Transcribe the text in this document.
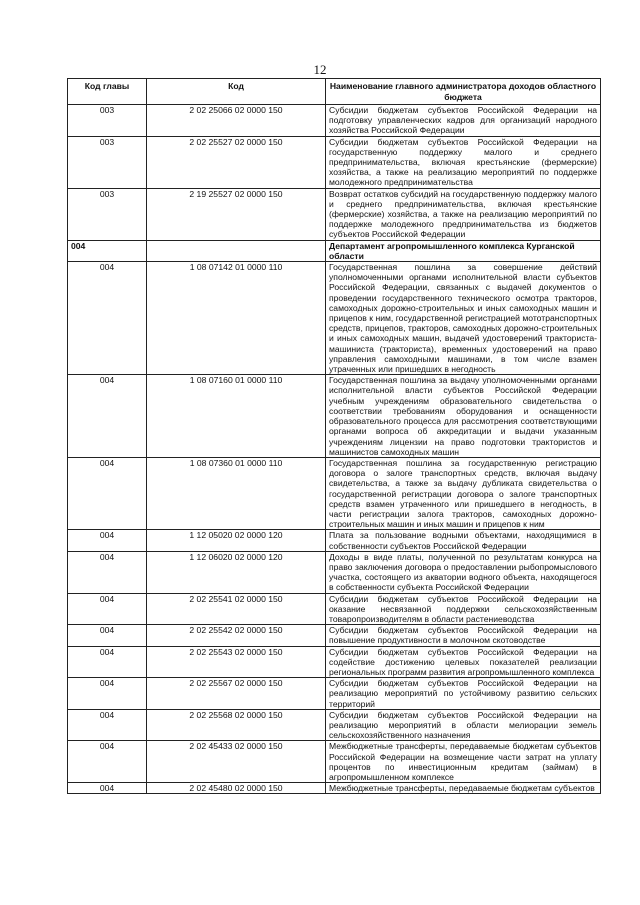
12
Код главы	Код	Наименование главного администратора доходов областного бюджета
003	2 02 25066 02 0000 150	Субсидии бюджетам субъектов Российской Федерации на подготовку управленческих кадров для организаций народного хозяйства Российской Федерации
003	2 02 25527 02 0000 150	Субсидии бюджетам субъектов Российской Федерации на государственную поддержку малого и среднего предпринимательства, включая крестьянские (фермерские) хозяйства, а также на реализацию мероприятий по поддержке молодежного предпринимательства
003	2 19 25527 02 0000 150	Возврат остатков субсидий на государственную поддержку малого и среднего предпринимательства, включая крестьянские (фермерские) хозяйства, а также на реализацию мероприятий по поддержке молодежного предпринимательства из бюджетов субъектов Российской Федерации
004		Департамент агропромышленного комплекса Курганской области
004	1 08 07142 01 0000 110	Государственная пошлина за совершение действий уполномоченными органами исполнительной власти субъектов Российской Федерации, связанных с выдачей документов о проведении государственного технического осмотра тракторов, самоходных дорожно-строительных и иных самоходных машин и прицепов к ним, государственной регистрацией мототранспортных средств, прицепов, тракторов, самоходных дорожно-строительных и иных самоходных машин, выдачей удостоверений тракториста-машиниста (тракториста), временных удостоверений на право управления самоходными машинами, в том числе взамен утраченных или пришедших в негодность
004	1 08 07160 01 0000 110	Государственная пошлина за выдачу уполномоченными органами исполнительной власти субъектов Российской Федерации учебным учреждениям образовательного свидетельства о соответствии требованиям оборудования и оснащенности образовательного процесса для рассмотрения соответствующими органами вопроса об аккредитации и выдачи указанным учреждениям лицензии на право подготовки трактористов и машинистов самоходных машин
004	1 08 07360 01 0000 110	Государственная пошлина за государственную регистрацию договора о залоге транспортных средств, включая выдачу свидетельства, а также за выдачу дубликата свидетельства о государственной регистрации договора о залоге транспортных средств взамен утраченного или пришедшего в негодность, в части регистрации залога тракторов, самоходных дорожно-строительных машин и иных машин и прицепов к ним
004	1 12 05020 02 0000 120	Плата за пользование водными объектами, находящимися в собственности субъектов Российской Федерации
004	1 12 06020 02 0000 120	Доходы в виде платы, полученной по результатам конкурса на право заключения договора о предоставлении рыбопромыслового участка, состоящего из акватории водного объекта, находящегося в собственности субъекта Российской Федерации
004	2 02 25541 02 0000 150	Субсидии бюджетам субъектов Российской Федерации на оказание несвязанной поддержки сельскохозяйственным товаропроизводителям в области растениеводства
004	2 02 25542 02 0000 150	Субсидии бюджетам субъектов Российской Федерации на повышение продуктивности в молочном скотоводстве
004	2 02 25543 02 0000 150	Субсидии бюджетам субъектов Российской Федерации на содействие достижению целевых показателей реализации региональных программ развития агропромышленного комплекса
004	2 02 25567 02 0000 150	Субсидии бюджетам субъектов Российской Федерации на реализацию мероприятий по устойчивому развитию сельских территорий
004	2 02 25568 02 0000 150	Субсидии бюджетам субъектов Российской Федерации на реализацию мероприятий в области мелиорации земель сельскохозяйственного назначения
004	2 02 45433 02 0000 150	Межбюджетные трансферты, передаваемые бюджетам субъектов Российской Федерации на возмещение части затрат на уплату процентов по инвестиционным кредитам (займам) в агропромышленном комплексе
004	2 02 45480 02 0000 150	Межбюджетные трансферты, передаваемые бюджетам субъектов
